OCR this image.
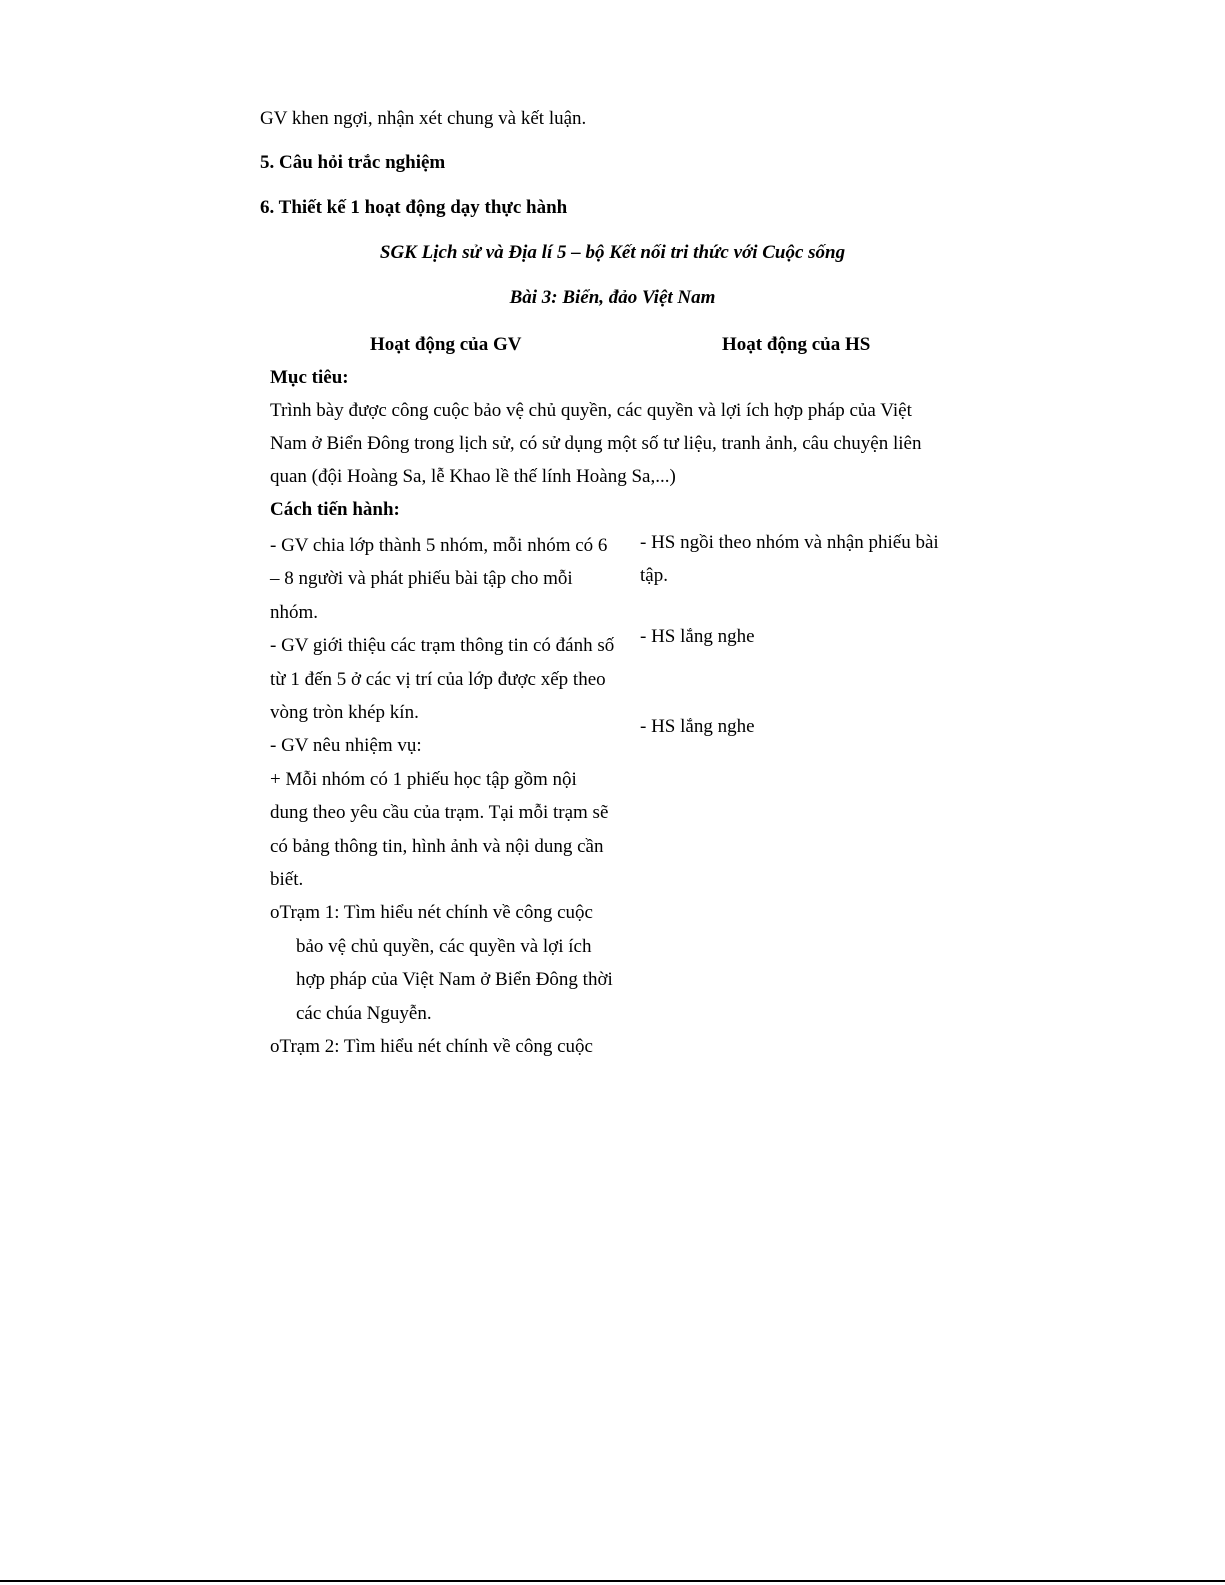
GV khen ngợi, nhận xét chung và kết luận.
5. Câu hỏi trắc nghiệm
6. Thiết kế 1 hoạt động dạy thực hành
SGK Lịch sử và Địa lí 5 – bộ Kết nối tri thức với Cuộc sống
Bài 3: Biển, đảo Việt Nam
Hoạt động của GV	Hoạt động của HS
Mục tiêu:
Trình bày được công cuộc bảo vệ chủ quyền, các quyền và lợi ích hợp pháp của Việt
Nam ở Biển Đông trong lịch sử, có sử dụng một số tư liệu, tranh ảnh, câu chuyện liên
quan (đội Hoàng Sa, lễ Khao lề thế lính Hoàng Sa,...)
Cách tiến hành:
- GV chia lớp thành 5 nhóm, mỗi nhóm có 6
– 8 người và phát phiếu bài tập cho mỗi
nhóm.
- GV giới thiệu các trạm thông tin có đánh số
từ 1 đến 5 ở các vị trí của lớp được xếp theo
vòng tròn khép kín.
- GV nêu nhiệm vụ:
+ Mỗi nhóm có 1 phiếu học tập gồm nội
dung theo yêu cầu của trạm. Tại mỗi trạm sẽ
có bảng thông tin, hình ảnh và nội dung cần
biết.
oTrạm 1: Tìm hiểu nét chính về công cuộc
bảo vệ chủ quyền, các quyền và lợi ích
hợp pháp của Việt Nam ở Biển Đông thời
các chúa Nguyễn.
oTrạm 2: Tìm hiểu nét chính về công cuộc
- HS ngồi theo nhóm và nhận phiếu bài
tập.
- HS lắng nghe
- HS lắng nghe
